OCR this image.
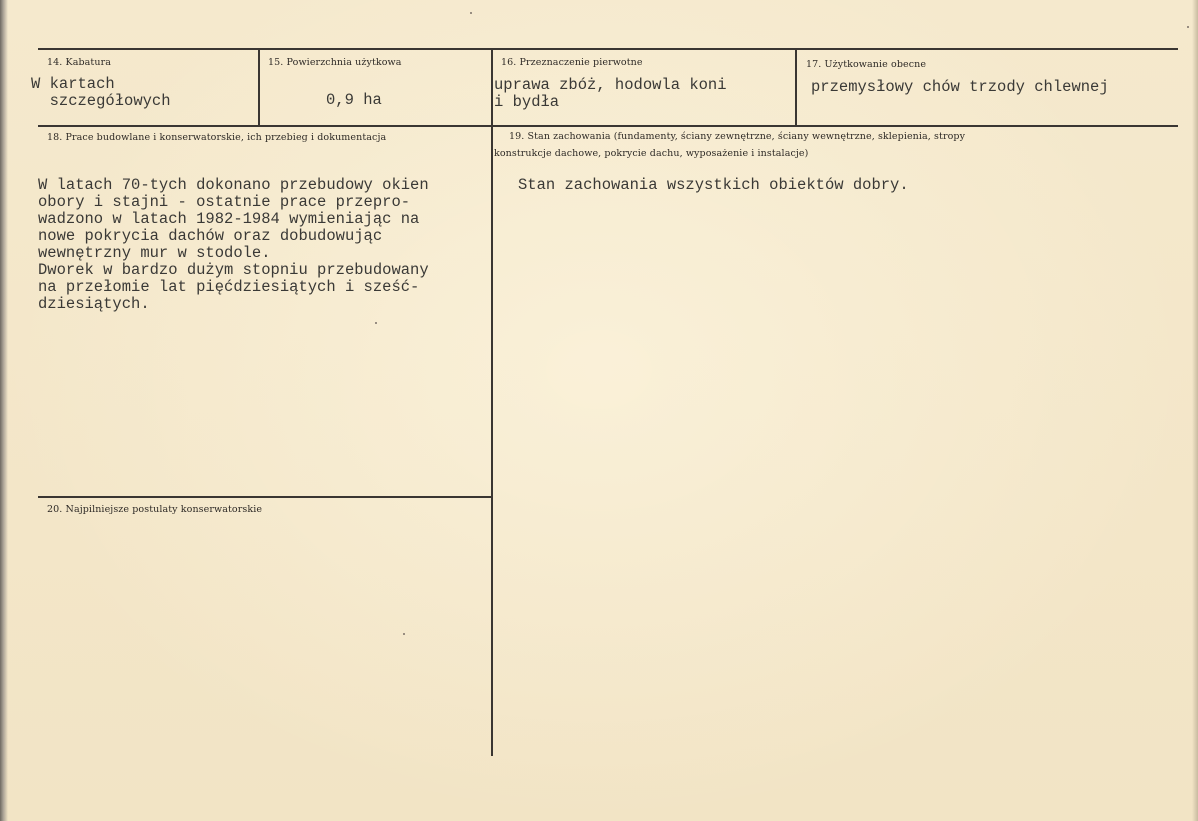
14. Kabatura
W kartach
szczegółowych
15. Powierzchnia użytkowa
0,9 ha
16. Przeznaczenie pierwotne
uprawa zbóż, hodowla koni
i bydła
17. Użytkowanie obecne
przemysłowy chów trzody chlewnej
18. Prace budowlane i konserwatorskie, ich przebieg i dokumentacja
W latach 70-tych dokonano przebudowy okien
obory i stajni - ostatnie prace przepro-
wadzono w latach 1982-1984 wymieniając na
nowe pokrycia dachów oraz dobudowując
wewnętrzny mur w stodole.
Dworek w bardzo dużym stopniu przebudowany
na przełomie lat pięćdziesiątych i sześć-
dziesiątych.
19. Stan zachowania (fundamenty, ściany zewnętrzne, ściany wewnętrzne, sklepienia, stropy
konstrukcje dachowe, pokrycie dachu, wyposażenie i instalacje)
Stan zachowania wszystkich obiektów dobry.
20. Najpilniejsze postulaty konserwatorskie
